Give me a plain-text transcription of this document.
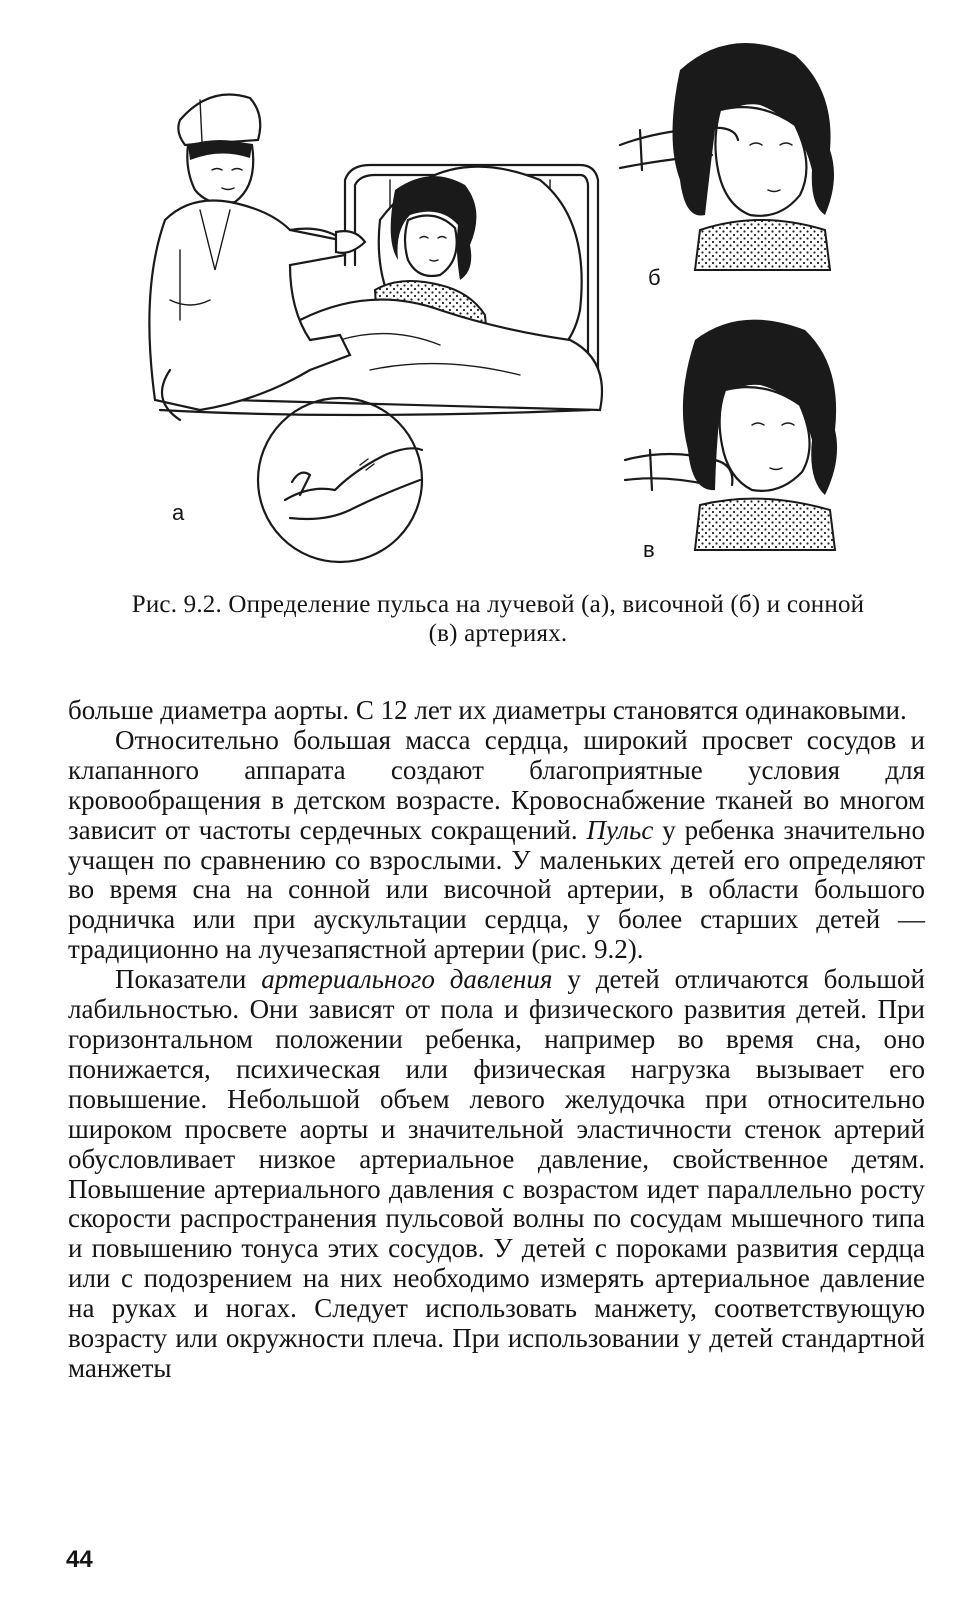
а
б
в
Рис. 9.2. Определение пульса на лучевой (а), височной (б) и сонной
(в) артериях.

больше диаметра аорты. С 12 лет их диаметры становятся одинаковыми.

Относительно большая масса сердца, широкий просвет сосудов и клапанного аппарата создают благоприятные условия для кровообращения в детском возрасте. Кровоснабжение тканей во многом зависит от частоты сердечных сокращений. Пульс у ребенка значительно учащен по сравнению со взрослыми. У маленьких детей его определяют во время сна на сонной или височной артерии, в области большого родничка или при аускультации сердца, у более старших детей — традиционно на лучезапястной артерии (рис. 9.2).

Показатели артериального давления у детей отличаются большой лабильностью. Они зависят от пола и физического развития детей. При горизонтальном положении ребенка, например во время сна, оно понижается, психическая или физическая нагрузка вызывает его повышение. Небольшой объем левого желудочка при относительно широком просвете аорты и значительной эластичности стенок артерий обусловливает низкое артериальное давление, свойственное детям. Повышение артериального давления с возрастом идет параллельно росту скорости распространения пульсовой волны по сосудам мышечного типа и повышению тонуса этих сосудов. У детей с пороками развития сердца или с подозрением на них необходимо измерять артериальное давление на руках и ногах. Следует использовать манжету, соответствующую возрасту или окружности плеча. При использовании у детей стандартной манжеты

44
